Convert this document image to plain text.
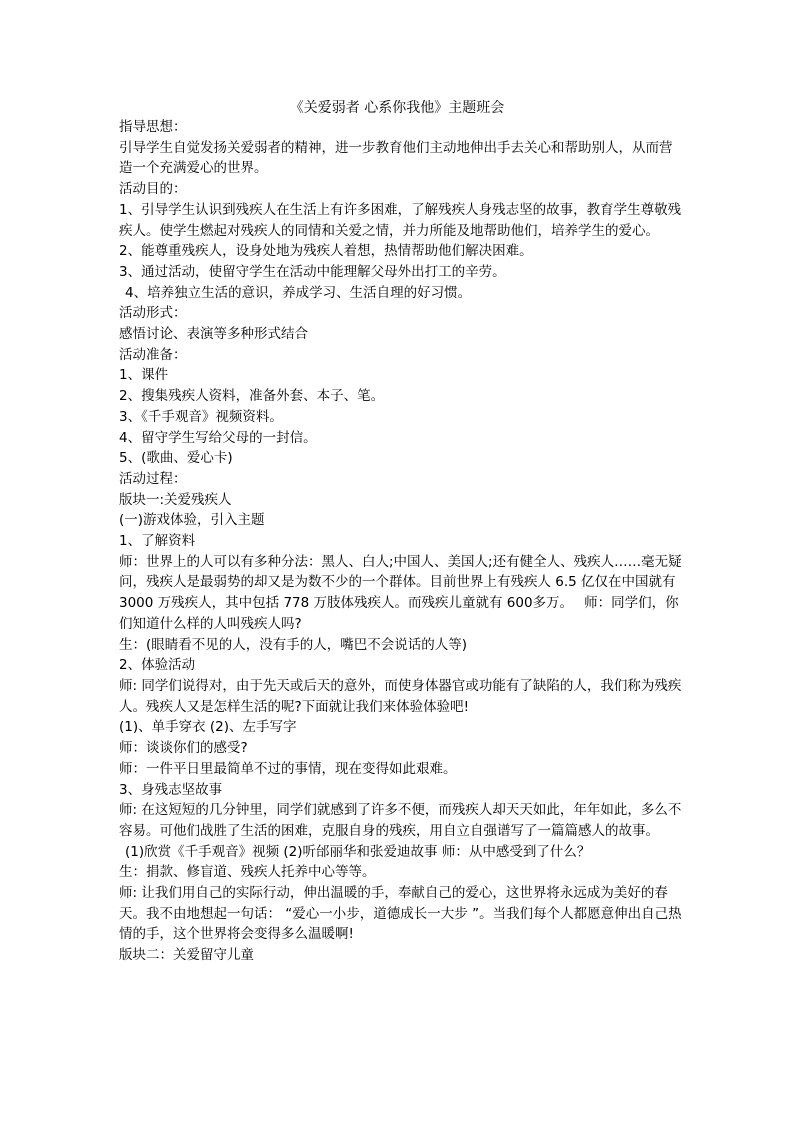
《关爱弱者 心系你我他》主题班会

指导思想：

引导学生自觉发扬关爱弱者的精神，进一步教育他们主动地伸出手去关心和帮助别人，从而营造一个充满爱心的世界。

活动目的：

1、引导学生认识到残疾人在生活上有许多困难，了解残疾人身残志坚的故事，教育学生尊敬残疾人。使学生燃起对残疾人的同情和关爱之情，并力所能及地帮助他们，培养学生的爱心。

2、能尊重残疾人，设身处地为残疾人着想，热情帮助他们解决困难。

3、通过活动，使留守学生在活动中能理解父母外出打工的辛劳。

4、培养独立生活的意识，养成学习、生活自理的好习惯。

活动形式：

感悟讨论、表演等多种形式结合

活动准备：

1、课件

2、搜集残疾人资料，准备外套、本子、笔。

3、《千手观音》视频资料。

4、留守学生写给父母的一封信。

5、(歌曲、爱心卡)

活动过程：

版块一:关爱残疾人

(一)游戏体验，引入主题

1、了解资料

师：世界上的人可以有多种分法：黑人、白人;中国人、美国人;还有健全人、残疾人……毫无疑问，残疾人是最弱势的却又是为数不少的一个群体。目前世界上有残疾人 6.5 亿仅在中国就有 3000 万残疾人，其中包括 778 万肢体残疾人。而残疾儿童就有 600多万。　 师：同学们，你们知道什么样的人叫残疾人吗?

生：(眼睛看不见的人，没有手的人，嘴巴不会说话的人等)

2、体验活动

师: 同学们说得对，由于先天或后天的意外，而使身体器官或功能有了缺陷的人，我们称为残疾人。残疾人又是怎样生活的呢?下面就让我们来体验体验吧!

(1)、单手穿衣 (2)、左手写字

师：谈谈你们的感受?

师：一件平日里最简单不过的事情，现在变得如此艰难。

3、身残志坚故事

师: 在这短短的几分钟里，同学们就感到了许多不便，而残疾人却天天如此，年年如此，多么不容易。可他们战胜了生活的困难，克服自身的残疾，用自立自强谱写了一篇篇感人的故事。

(1)欣赏《千手观音》视频 (2)听邰丽华和张爱迪故事 师：从中感受到了什么？

生：捐款、修盲道、残疾人托养中心等等。

师: 让我们用自己的实际行动，伸出温暖的手，奉献自己的爱心，这世界将永远成为美好的春天。我不由地想起一句话： “爱心一小步，道德成长一大步 ”。当我们每个人都愿意伸出自己热情的手，这个世界将会变得多么温暖啊!

版块二：关爱留守儿童
